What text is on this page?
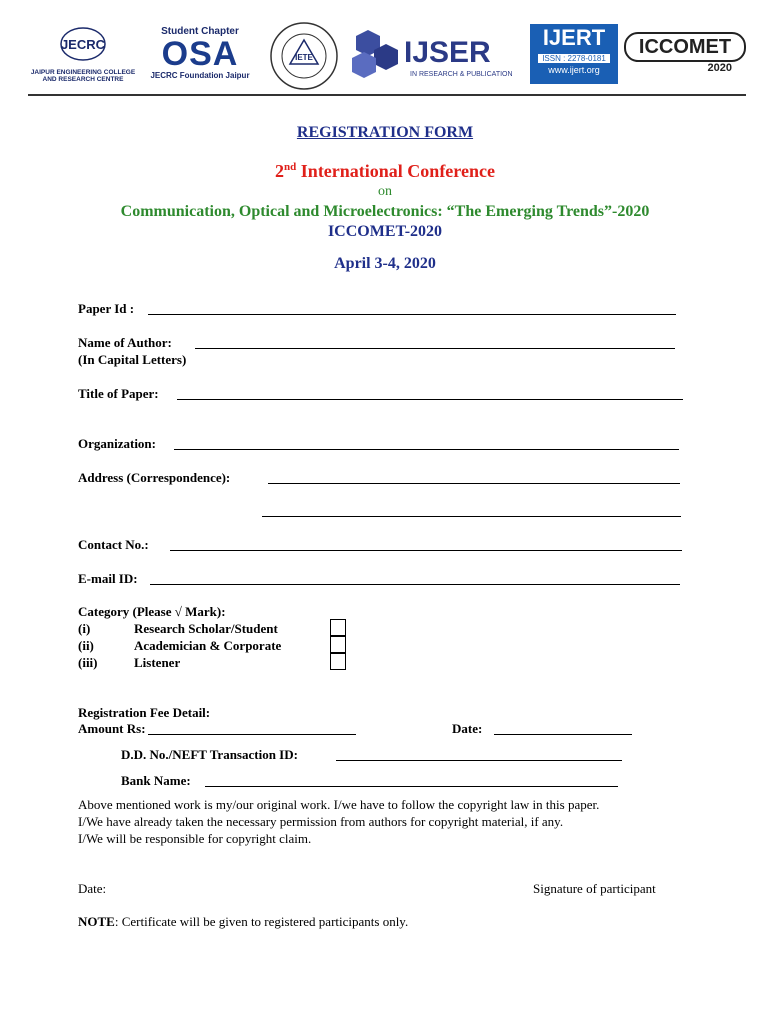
JECRC
JAIPUR ENGINEERING COLLEGE
AND RESEARCH CENTRE
Student Chapter
OSA
JECRC Foundation Jaipur
IETE	IJSER
IN RESEARCH & PUBLICATION
IJERT
ISSN : 2278-0181
www.ijert.org
ICCOMET
2020
REGISTRATION FORM
2nd International Conference
on
Communication, Optical and Microelectronics: “The Emerging Trends”-2020
ICCOMET-2020
April 3-4, 2020
Paper Id :
Name of Author:
(In Capital Letters)
Title of Paper:
Organization:
Address (Correspondence):
Contact No.:
E-mail ID:
Category (Please √ Mark):
(i)	Research Scholar/Student
(ii)	Academician & Corporate
(iii)	Listener
Registration Fee Detail:
Amount Rs:	Date:
D.D. No./NEFT Transaction ID:
Bank Name:
Above mentioned work is my/our original work. I/we have to follow the copyright law in this paper.
I/We have already taken the necessary permission from authors for copyright material, if any.
I/We will be responsible for copyright claim.
Date:	Signature of participant
NOTE: Certificate will be given to registered participants only.
